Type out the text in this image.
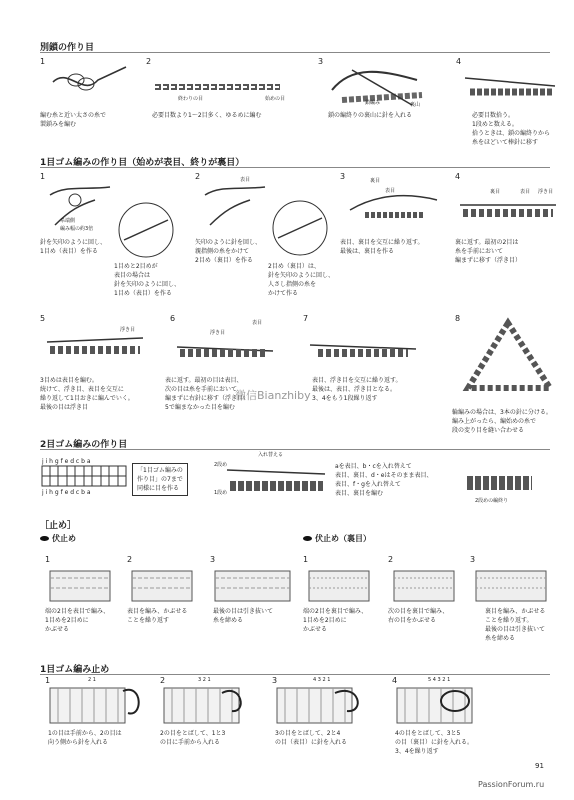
別鎖の作り目
1
編む糸と近い太さの糸で
製鎖みを編む
2
終わりの目	始めの目
必要目数より1〜2目多く、ゆるめに編む
3
鎖編み	裏山
鎖の編終りの裏山に針を入れる
4
必要目数拾う。
1段めと数える。
拾うときは、鎖の編終りから
糸をほどいて棒針に移す
1目ゴム編みの作り目（始めが表目、終りが裏目）
1
糸端側
編み幅の約3倍
針を矢印のように回し、
1目め（表目）を作る
1目めと2目めが
表目の場合は
針を矢印のように回し、
1目め（表目）を作る
2	表目
矢印のように針を回し、
親指側の糸をかけて
2目め（裏目）を作る
2目め（裏目）は、
針を矢印のように回し、
人さし指側の糸を
かけて作る
3	裏目
表目
表目、裏目を交互に繰り返す。
最後は、裏目を作る
4
裏目	表目 浮き目
裏に返す。最初の2目は
糸を手前において
編まずに移す（浮き目）
5
浮き目
3目めは表目を編む。
続けて、浮き目、表目を交互に
繰り返して1目おきに編んでいく。
最後の目は浮き目
6
浮き目
表目
表に返す。最初の目は表目、
次の目は糸を手前において
編まずに右針に移す（浮き目）
5で編まなかった目を編む
7
表目、浮き目を交互に繰り返す。
最後は、表目、浮き目となる。
3、4をもう1段繰り返す
8
輪編みの場合は、3本の針に分ける。
編み上がったら、編始めの糸で
段の変り目を縫い合わせる
微信Bianzhiby
2目ゴム編みの作り目
j i h g f e d c b a
j i h g f e d c b a
「1目ゴム編みの
作り目」の7まで
同様に目を作る
入れ替える
2段め
1段め
aを表目、b・cを入れ替えて
表目、裏目、d・eはそのまま表目、
表目、f・gを入れ替えて
表目、裏目を編む
2段めの編終り
［止め］
伏止め	伏止め（裏目）
1
端の2目を表目で編み、
1目めを2目めに
かぶせる
2
表目を編み、かぶせる
ことを繰り返す
3
最後の目は引き抜いて
糸を締める
1
端の2目を裏目で編み、
1目めを2目めに
かぶせる
2
次の目を裏目で編み、
右の目をかぶせる
3
裏目を編み、かぶせる
ことを繰り返す。
最後の目は引き抜いて
糸を締める
1目ゴム編み止め
1	2 1
1の目は手前から、2の目は
向う側から針を入れる
2	3 2 1
2の目をとばして、1と3
の目に手前から入れる
3	4 3 2 1
3の目をとばして、2と4
の目（表目）に針を入れる
4	5 4 3 2 1
4の目をとばして、3と5
の目（裏目）に針を入れる。
3、4を繰り返す
91
PassionForum.ru
